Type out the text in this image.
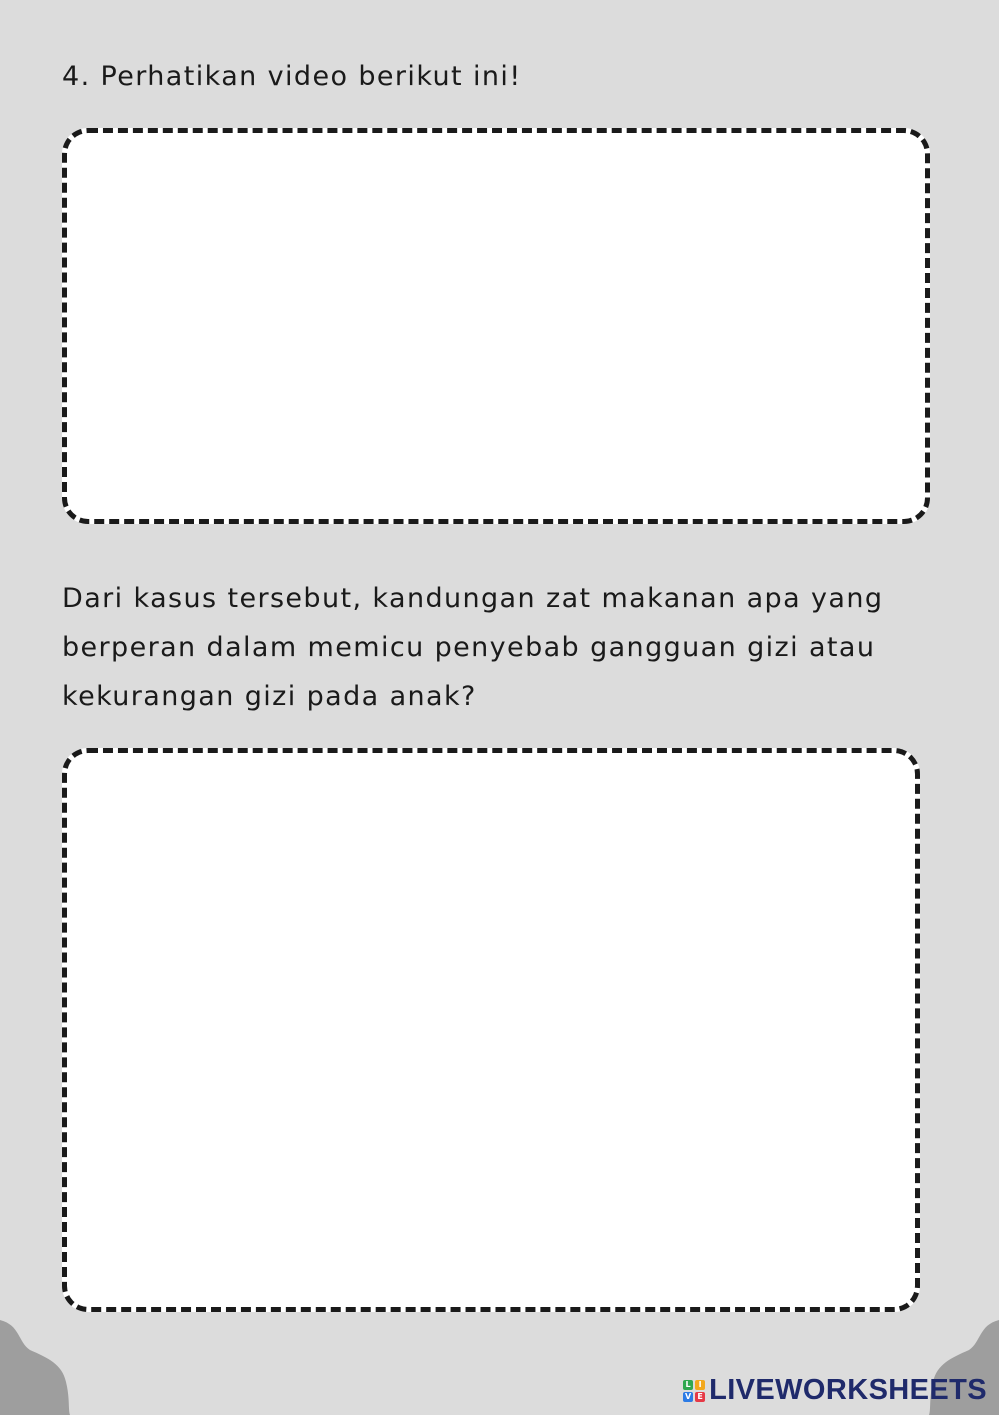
4. Perhatikan video berikut ini!

Dari kasus tersebut, kandungan zat makanan apa yang berperan dalam memicu penyebab gangguan gizi atau kekurangan gizi pada anak?

L I
V E LIVEWORKSHEETS
